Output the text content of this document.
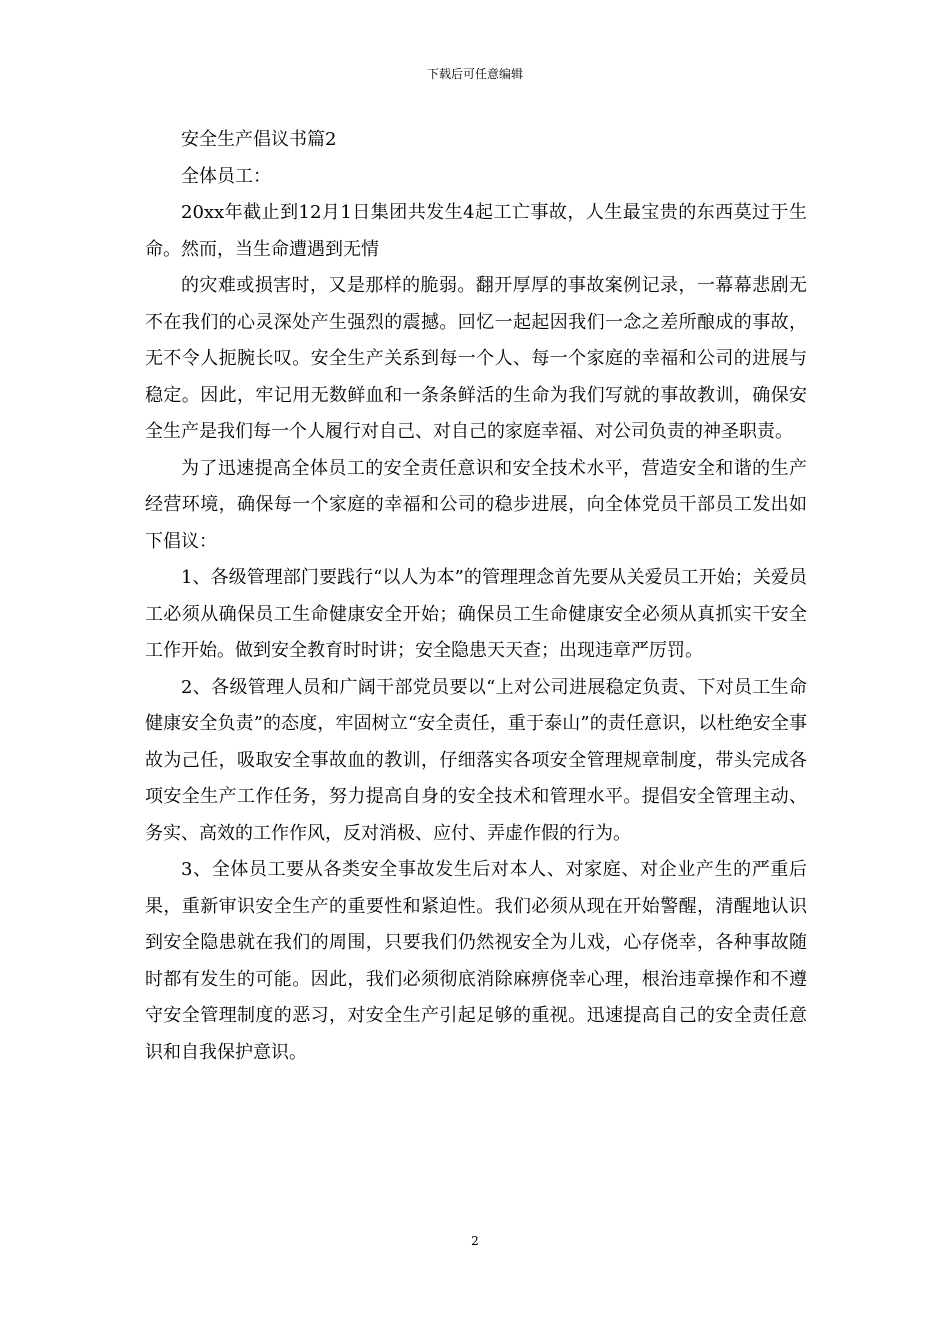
下载后可任意编辑

安全生产倡议书篇2

全体员工：

20xx年截止到12月1日集团共发生4起工亡事故，人生最宝贵的东西莫过于生命。然而，当生命遭遇到无情

的灾难或损害时，又是那样的脆弱。翻开厚厚的事故案例记录，一幕幕悲剧无不在我们的心灵深处产生强烈的震撼。回忆一起起因我们一念之差所酿成的事故，无不令人扼腕长叹。安全生产关系到每一个人、每一个家庭的幸福和公司的进展与稳定。因此，牢记用无数鲜血和一条条鲜活的生命为我们写就的事故教训，确保安全生产是我们每一个人履行对自己、对自己的家庭幸福、对公司负责的神圣职责。

为了迅速提高全体员工的安全责任意识和安全技术水平，营造安全和谐的生产经营环境，确保每一个家庭的幸福和公司的稳步进展，向全体党员干部员工发出如下倡议：

1、各级管理部门要践行“以人为本”的管理理念首先要从关爱员工开始；关爱员工必须从确保员工生命健康安全开始；确保员工生命健康安全必须从真抓实干安全工作开始。做到安全教育时时讲；安全隐患天天查；出现违章严厉罚。

2、各级管理人员和广阔干部党员要以“上对公司进展稳定负责、下对员工生命健康安全负责”的态度，牢固树立“安全责任，重于泰山”的责任意识，以杜绝安全事故为己任，吸取安全事故血的教训，仔细落实各项安全管理规章制度，带头完成各项安全生产工作任务，努力提高自身的安全技术和管理水平。提倡安全管理主动、务实、高效的工作作风，反对消极、应付、弄虚作假的行为。

3、全体员工要从各类安全事故发生后对本人、对家庭、对企业产生的严重后果，重新审识安全生产的重要性和紧迫性。我们必须从现在开始警醒，清醒地认识到安全隐患就在我们的周围，只要我们仍然视安全为儿戏，心存侥幸，各种事故随时都有发生的可能。因此，我们必须彻底消除麻痹侥幸心理，根治违章操作和不遵守安全管理制度的恶习，对安全生产引起足够的重视。迅速提高自己的安全责任意识和自我保护意识。

2
